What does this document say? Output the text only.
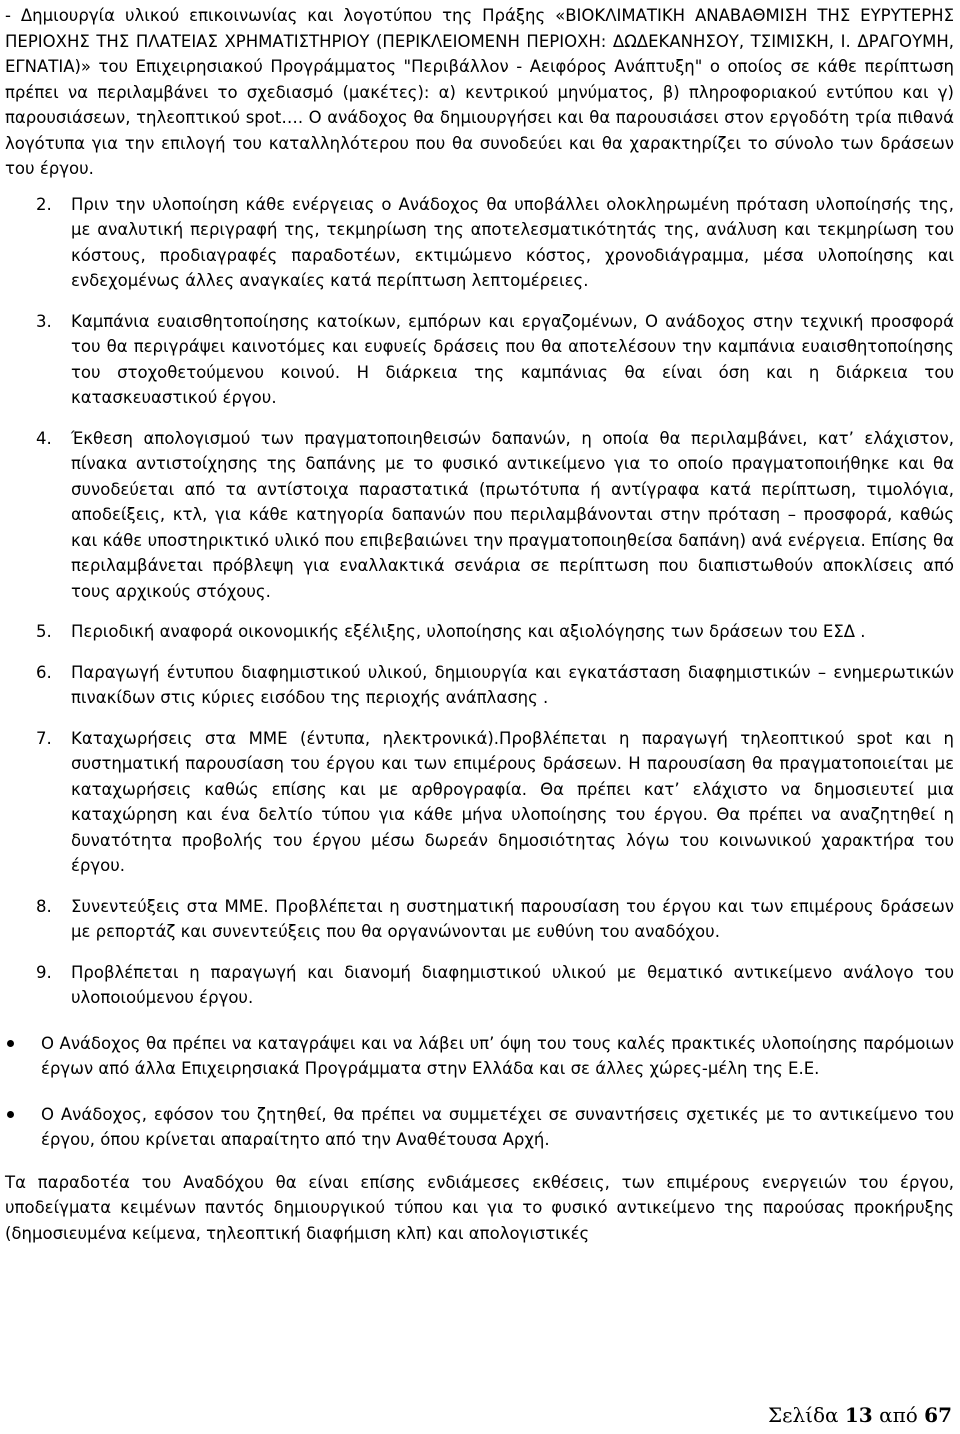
- Δημιουργία υλικού επικοινωνίας και λογοτύπου της Πράξης «ΒΙΟΚΛΙΜΑΤΙΚΗ ΑΝΑΒΑΘΜΙΣΗ ΤΗΣ ΕΥΡΥΤΕΡΗΣ ΠΕΡΙΟΧΗΣ ΤΗΣ ΠΛΑΤΕΙΑΣ ΧΡΗΜΑΤΙΣΤΗΡΙΟΥ (ΠΕΡΙΚΛΕΙΟΜΕΝΗ ΠΕΡΙΟΧΗ: ΔΩΔΕΚΑΝΗΣΟΥ, ΤΣΙΜΙΣΚΗ, Ι. ΔΡΑΓΟΥΜΗ, ΕΓΝΑΤΙΑ)» του Επιχειρησιακού Προγράμματος "Περιβάλλον - Αειφόρος Ανάπτυξη" ο οποίος σε κάθε περίπτωση πρέπει να περιλαμβάνει το σχεδιασμό (μακέτες): α) κεντρικού μηνύματος, β) πληροφοριακού εντύπου και γ) παρουσιάσεων, τηλεοπτικού spot…. Ο ανάδοχος θα δημιουργήσει και θα παρουσιάσει στον εργοδότη τρία πιθανά λογότυπα για την επιλογή του καταλληλότερου που θα συνοδεύει και θα χαρακτηρίζει το σύνολο των δράσεων του έργου.

2.	Πριν την υλοποίηση κάθε ενέργειας ο Ανάδοχος θα υποβάλλει ολοκληρωμένη πρόταση υλοποίησής της, με αναλυτική περιγραφή της, τεκμηρίωση της αποτελεσματικότητάς της, ανάλυση και τεκμηρίωση του κόστους, προδιαγραφές παραδοτέων, εκτιμώμενο κόστος, χρονοδιάγραμμα, μέσα υλοποίησης και ενδεχομένως άλλες αναγκαίες κατά περίπτωση λεπτομέρειες.
3.	Καμπάνια ευαισθητοποίησης κατοίκων, εμπόρων και εργαζομένων, Ο ανάδοχος στην τεχνική προσφορά του θα περιγράψει καινοτόμες και ευφυείς δράσεις που θα αποτελέσουν την καμπάνια ευαισθητοποίησης του στοχοθετούμενου κοινού. Η διάρκεια της καμπάνιας θα είναι όση και η διάρκεια του κατασκευαστικού έργου.
4.	Έκθεση απολογισμού των πραγματοποιηθεισών δαπανών, η οποία θα περιλαμβάνει, κατ’ ελάχιστον, πίνακα αντιστοίχησης της δαπάνης με το φυσικό αντικείμενο για το οποίο πραγματοποιήθηκε και θα συνοδεύεται από τα αντίστοιχα παραστατικά (πρωτότυπα ή αντίγραφα κατά περίπτωση, τιμολόγια, αποδείξεις, κτλ, για κάθε κατηγορία δαπανών που περιλαμβάνονται στην πρόταση – προσφορά, καθώς και κάθε υποστηρικτικό υλικό που επιβεβαιώνει την πραγματοποιηθείσα δαπάνη) ανά ενέργεια. Επίσης θα περιλαμβάνεται πρόβλεψη για εναλλακτικά σενάρια σε περίπτωση που διαπιστωθούν αποκλίσεις από τους αρχικούς στόχους.
5.	Περιοδική αναφορά οικονομικής εξέλιξης, υλοποίησης και αξιολόγησης των δράσεων του ΕΣΔ .
6.	Παραγωγή έντυπου διαφημιστικού υλικού, δημιουργία και εγκατάσταση διαφημιστικών – ενημερωτικών πινακίδων στις κύριες εισόδου της περιοχής ανάπλασης .
7.	Καταχωρήσεις στα ΜΜΕ (έντυπα, ηλεκτρονικά).Προβλέπεται η παραγωγή τηλεοπτικού spot και η συστηματική παρουσίαση του έργου και των επιμέρους δράσεων. Η παρουσίαση θα πραγματοποιείται με καταχωρήσεις καθώς επίσης και με αρθρογραφία. Θα πρέπει κατ’ ελάχιστο να δημοσιευτεί μια καταχώρηση και ένα δελτίο τύπου για κάθε μήνα υλοποίησης του έργου. Θα πρέπει να αναζητηθεί η δυνατότητα προβολής του έργου μέσω δωρεάν δημοσιότητας λόγω του κοινωνικού χαρακτήρα του έργου.
8.	Συνεντεύξεις στα ΜΜΕ. Προβλέπεται η συστηματική παρουσίαση του έργου και των επιμέρους δράσεων με ρεπορτάζ και συνεντεύξεις που θα οργανώνονται με ευθύνη του αναδόχου.
9.	Προβλέπεται η παραγωγή και διανομή διαφημιστικού υλικού με θεματικό αντικείμενο ανάλογο του υλοποιούμενου έργου.
Ο Ανάδοχος θα πρέπει να καταγράψει και να λάβει υπ’ όψη του τους καλές πρακτικές υλοποίησης παρόμοιων έργων από άλλα Επιχειρησιακά Προγράμματα στην Ελλάδα και σε άλλες χώρες-μέλη της Ε.Ε.
Ο Ανάδοχος, εφόσον του ζητηθεί, θα πρέπει να συμμετέχει σε συναντήσεις σχετικές με το αντικείμενο του έργου, όπου κρίνεται απαραίτητο από την Αναθέτουσα Αρχή.

Τα παραδοτέα του Αναδόχου θα είναι επίσης ενδιάμεσες εκθέσεις, των επιμέρους ενεργειών του έργου, υποδείγματα κειμένων παντός δημιουργικού τύπου και για το φυσικό αντικείμενο της παρούσας προκήρυξης (δημοσιευμένα κείμενα, τηλεοπτική διαφήμιση κλπ) και απολογιστικές

Σελίδα 13 από 67
